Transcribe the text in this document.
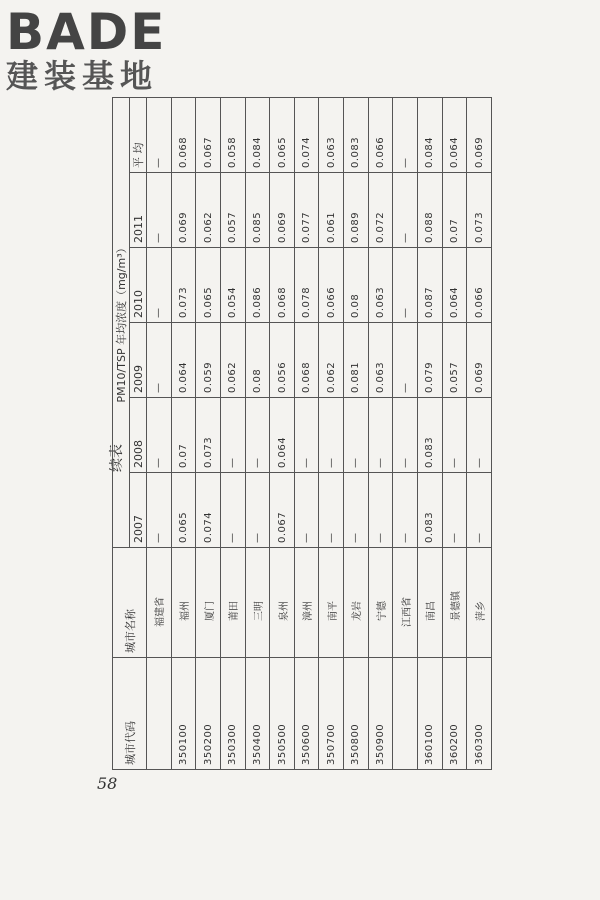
BADE
建装基地
续表
城市代码	城市名称	PM10/TSP 年均浓度（mg/m³）					
		2007	2008	2009	2010	2011	平 均
	福建省	—	—	—	—	—	—
350100	福州	0.065	0.07	0.064	0.073	0.069	0.068
350200	厦门	0.074	0.073	0.059	0.065	0.062	0.067
350300	莆田	—	—	0.062	0.054	0.057	0.058
350400	三明	—	—	0.08	0.086	0.085	0.084
350500	泉州	0.067	0.064	0.056	0.068	0.069	0.065
350600	漳州	—	—	0.068	0.078	0.077	0.074
350700	南平	—	—	0.062	0.066	0.061	0.063
350800	龙岩	—	—	0.081	0.08	0.089	0.083
350900	宁德	—	—	0.063	0.063	0.072	0.066
	江西省	—	—	—	—	—	—
360100	南昌	0.083	0.083	0.079	0.087	0.088	0.084
360200	景德镇	—	—	0.057	0.064	0.07	0.064
360300	萍乡	—	—	0.069	0.066	0.073	0.069
58
